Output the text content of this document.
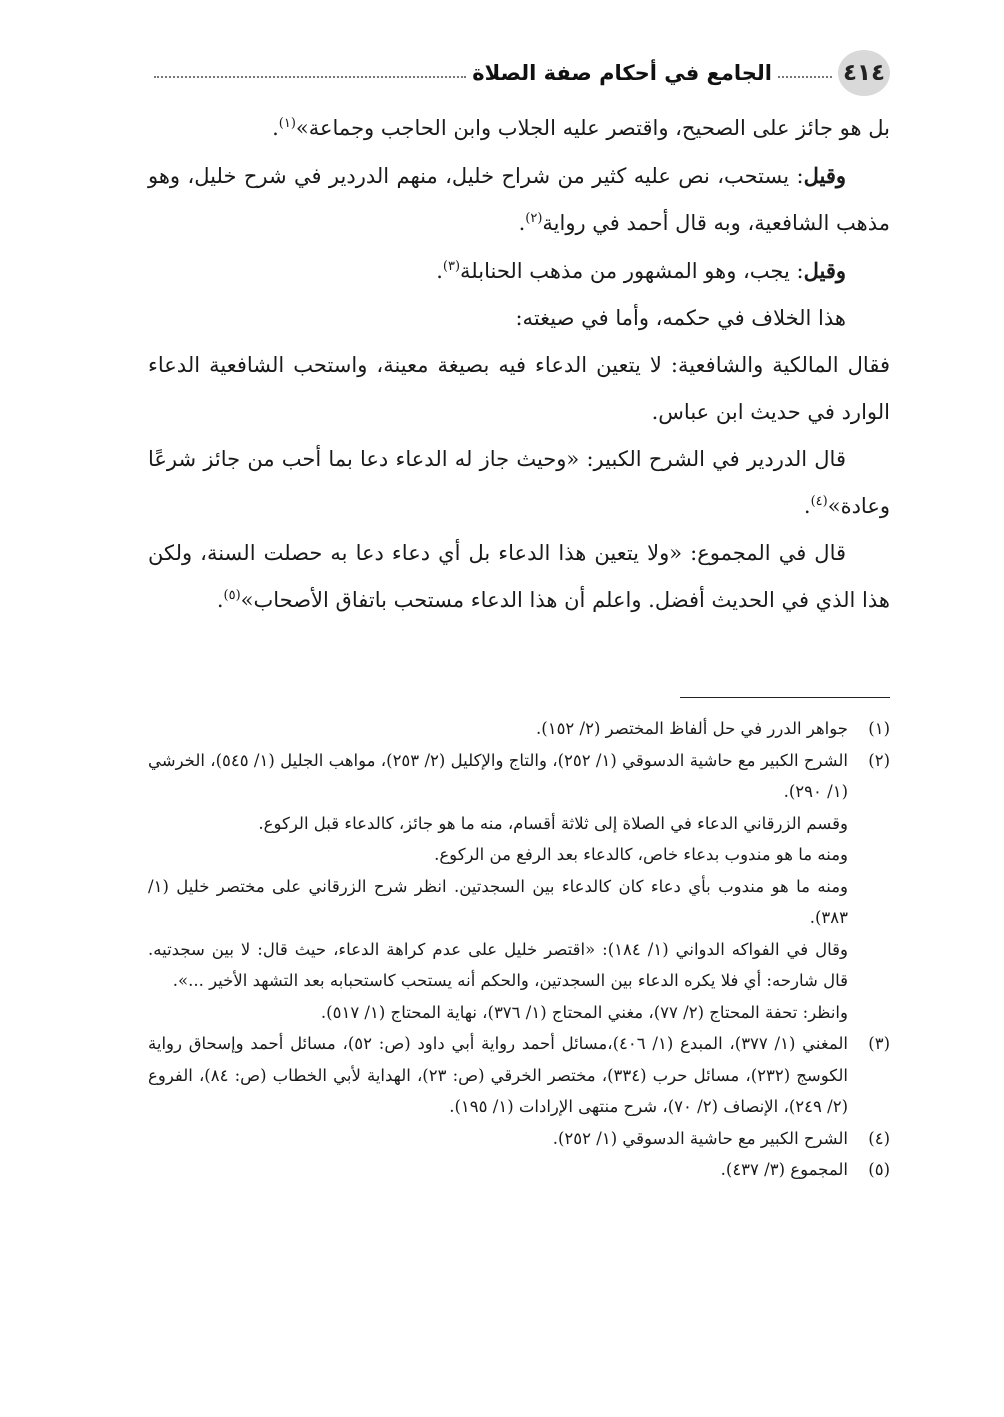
٤١٤
الجامع في أحكام صفة الصلاة

بل هو جائز على الصحيح، واقتصر عليه الجلاب وابن الحاجب وجماعة»$^{(١)}$.

وقيل: يستحب، نص عليه كثير من شراح خليل، منهم الدردير في شرح خليل، وهو مذهب الشافعية، وبه قال أحمد في رواية$^{(٢)}$.

وقيل: يجب، وهو المشهور من مذهب الحنابلة$^{(٣)}$.

هذا الخلاف في حكمه، وأما في صيغته:

فقال المالكية والشافعية: لا يتعين الدعاء فيه بصيغة معينة، واستحب الشافعية الدعاء الوارد في حديث ابن عباس.

قال الدردير في الشرح الكبير: «وحيث جاز له الدعاء دعا بما أحب من جائز شرعًا وعادة»$^{(٤)}$.

قال في المجموع: «ولا يتعين هذا الدعاء بل أي دعاء دعا به حصلت السنة، ولكن هذا الذي في الحديث أفضل. واعلم أن هذا الدعاء مستحب باتفاق الأصحاب»$^{(٥)}$.

(١)

جواهر الدرر في حل ألفاظ المختصر (٢/ ١٥٢).

(٢)

الشرح الكبير مع حاشية الدسوقي (١/ ٢٥٢)، والتاج والإكليل (٢/ ٢٥٣)، مواهب الجليل (١/ ٥٤٥)، الخرشي (١/ ٢٩٠).

وقسم الزرقاني الدعاء في الصلاة إلى ثلاثة أقسام، منه ما هو جائز، كالدعاء قبل الركوع.

ومنه ما هو مندوب بدعاء خاص، كالدعاء بعد الرفع من الركوع.

ومنه ما هو مندوب بأي دعاء كان كالدعاء بين السجدتين. انظر شرح الزرقاني على مختصر خليل (١/ ٣٨٣).

وقال في الفواكه الدواني (١/ ١٨٤): «اقتصر خليل على عدم كراهة الدعاء، حيث قال: لا بين سجدتيه. قال شارحه: أي فلا يكره الدعاء بين السجدتين، والحكم أنه يستحب كاستحبابه بعد التشهد الأخير ...».

وانظر: تحفة المحتاج (٢/ ٧٧)، مغني المحتاج (١/ ٣٧٦)، نهاية المحتاج (١/ ٥١٧).

(٣)

المغني (١/ ٣٧٧)، المبدع (١/ ٤٠٦)،مسائل أحمد رواية أبي داود (ص: ٥٢)، مسائل أحمد وإسحاق رواية الكوسج (٢٣٢)، مسائل حرب (٣٣٤)، مختصر الخرقي (ص: ٢٣)، الهداية لأبي الخطاب (ص: ٨٤)، الفروع (٢/ ٢٤٩)، الإنصاف (٢/ ٧٠)، شرح منتهى الإرادات (١/ ١٩٥).

(٤)

الشرح الكبير مع حاشية الدسوقي (١/ ٢٥٢).

(٥)

المجموع (٣/ ٤٣٧).
